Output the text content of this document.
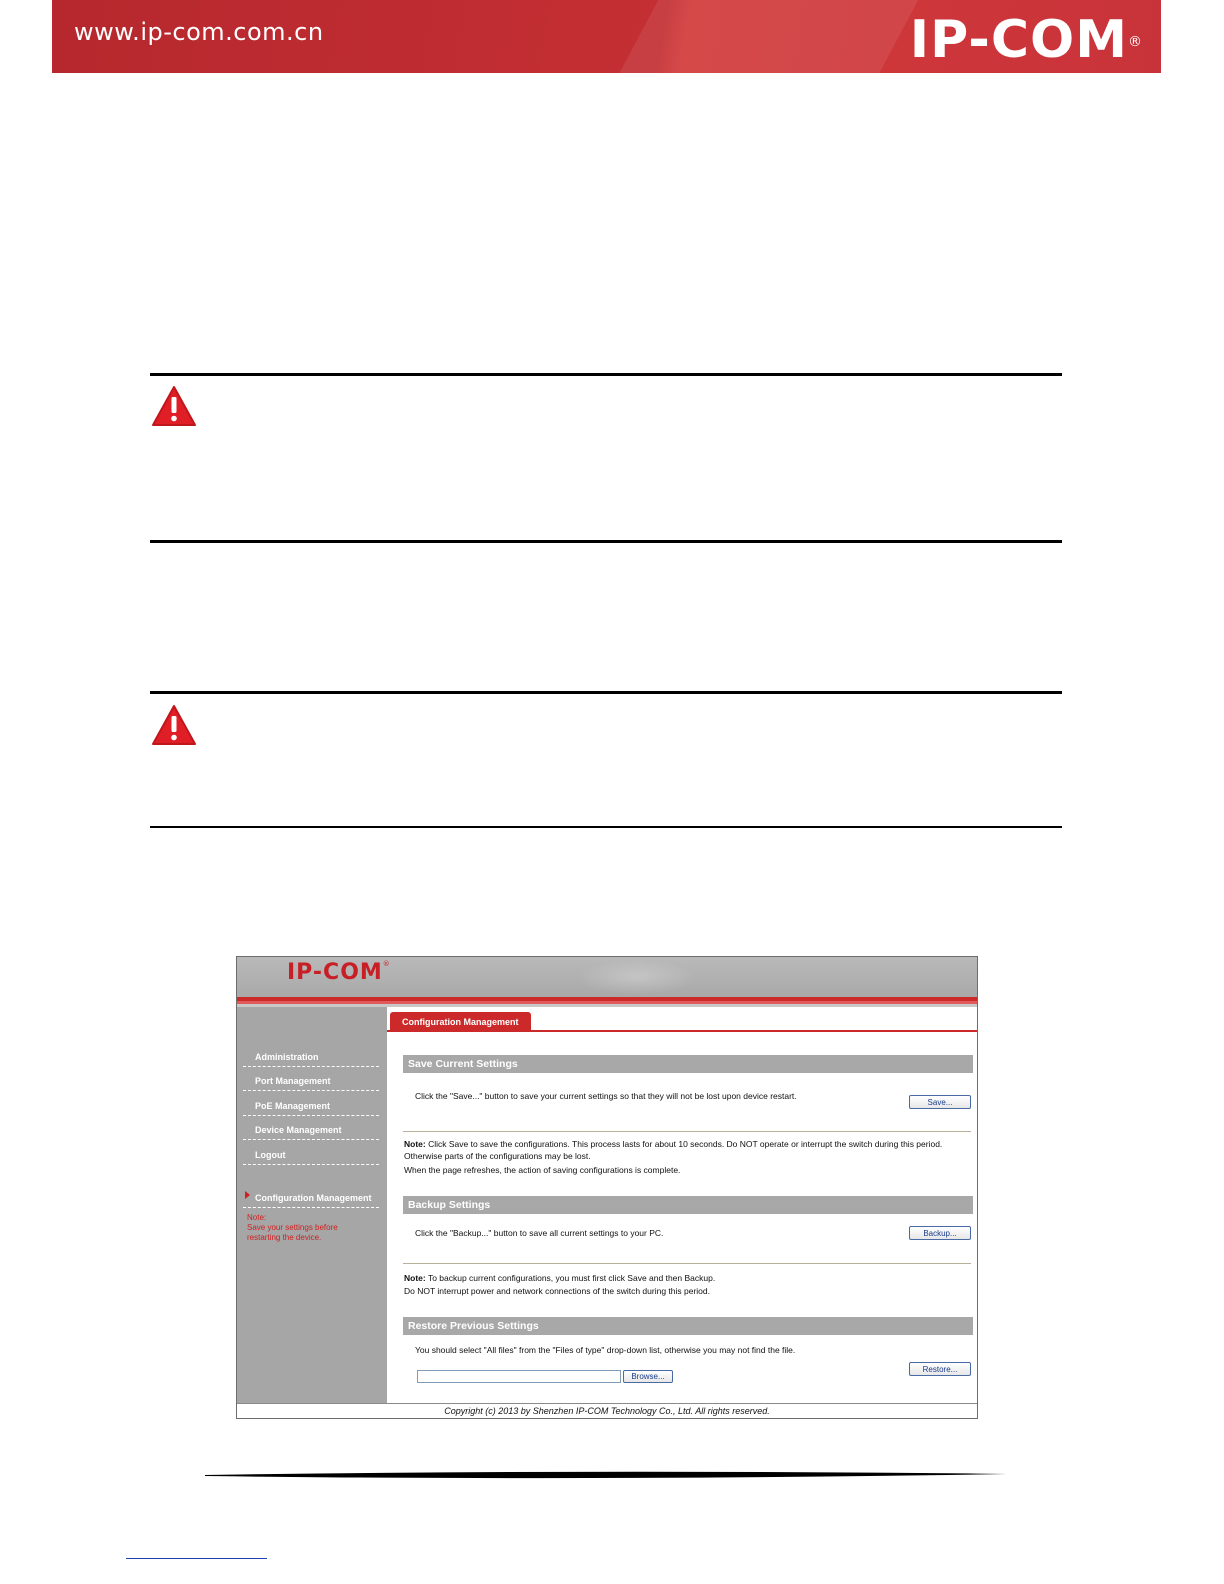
www.ip-com.com.cn	IP-COM®
IP-COM®
Administration
Port Management
PoE Management
Device Management
Logout
Configuration Management
Note:
Save your settings before restarting the device.
Configuration Management
Save Current Settings
Click the "Save..." button to save your current settings so that they will not be lost upon device restart.
Save...
Note: Click Save to save the configurations. This process lasts for about 10 seconds. Do NOT operate or interrupt the switch during this period. Otherwise parts of the configurations may be lost.
When the page refreshes, the action of saving configurations is complete.
Backup Settings
Click the "Backup..." button to save all current settings to your PC.	Backup...
Note: To backup current configurations, you must first click Save and then Backup.
Do NOT interrupt power and network connections of the switch during this period.
Restore Previous Settings
You should select "All files" from the "Files of type" drop-down list, otherwise you may not find the file.
Browse...
Restore...
Copyright (c) 2013 by Shenzhen IP-COM Technology Co., Ltd. All rights reserved.
